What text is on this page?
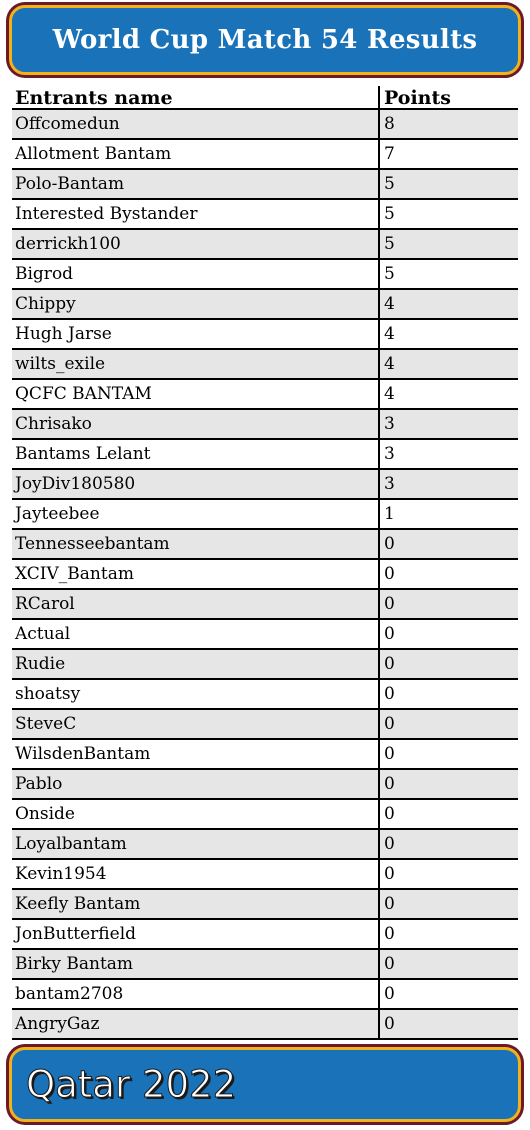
World Cup Match 54 Results
Entrants name	Points
Offcomedun	8
Allotment Bantam	7
Polo-Bantam	5
Interested Bystander	5
derrickh100	5
Bigrod	5
Chippy	4
Hugh Jarse	4
wilts_exile	4
QCFC BANTAM	4
Chrisako	3
Bantams Lelant	3
JoyDiv180580	3
Jayteebee	1
Tennesseebantam	0
XCIV_Bantam	0
RCarol	0
Actual	0
Rudie	0
shoatsy	0
SteveC	0
WilsdenBantam	0
Pablo	0
Onside	0
Loyalbantam	0
Kevin1954	0
Keefly Bantam	0
JonButterfield	0
Birky Bantam	0
bantam2708	0
AngryGaz	0
Qatar 2022
